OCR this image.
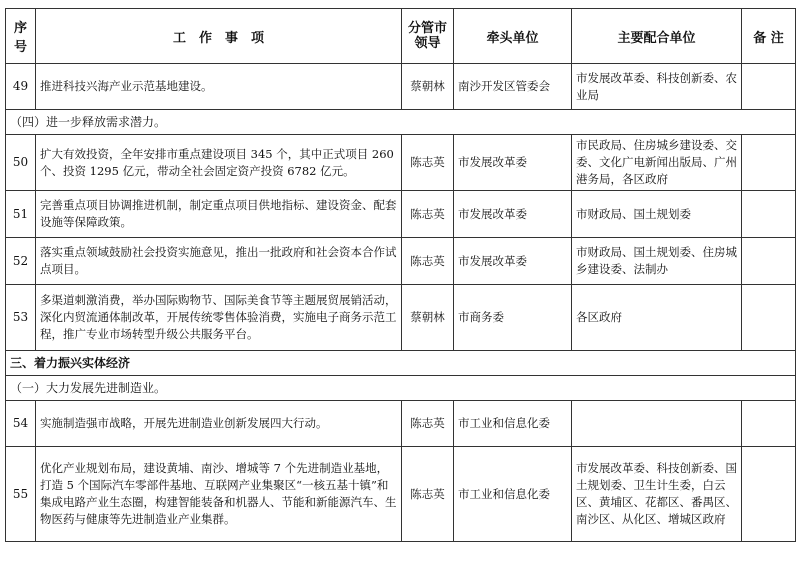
序号	工　作　事　项	分管市领导	牵头单位	主要配合单位	备 注
49	推进科技兴海产业示范基地建设。	蔡朝林	南沙开发区管委会	市发展改革委、科技创新委、农业局	
（四）进一步释放需求潜力。					
50	扩大有效投资，全年安排市重点建设项目 345 个，其中正式项目 260 个、投资 1295 亿元，带动全社会固定资产投资 6782 亿元。	陈志英	市发展改革委	市民政局、住房城乡建设委、交委、文化广电新闻出版局、广州港务局，各区政府	
51	完善重点项目协调推进机制，制定重点项目供地指标、建设资金、配套设施等保障政策。	陈志英	市发展改革委	市财政局、国土规划委	
52	落实重点领域鼓励社会投资实施意见，推出一批政府和社会资本合作试点项目。	陈志英	市发展改革委	市财政局、国土规划委、住房城乡建设委、法制办	
53	多渠道刺激消费，举办国际购物节、国际美食节等主题展贸展销活动，深化内贸流通体制改革，开展传统零售体验消费，实施电子商务示范工程，推广专业市场转型升级公共服务平台。	蔡朝林	市商务委	各区政府	
三、着力振兴实体经济					
（一）大力发展先进制造业。					
54	实施制造强市战略，开展先进制造业创新发展四大行动。	陈志英	市工业和信息化委		
55	优化产业规划布局，建设黄埔、南沙、增城等 7 个先进制造业基地，打造 5 个国际汽车零部件基地、互联网产业集聚区“一核五基十镇”和集成电路产业生态圈，构建智能装备和机器人、节能和新能源汽车、生物医药与健康等先进制造业产业集群。	陈志英	市工业和信息化委	市发展改革委、科技创新委、国土规划委、卫生计生委，白云区、黄埔区、花都区、番禺区、南沙区、从化区、增城区政府	
